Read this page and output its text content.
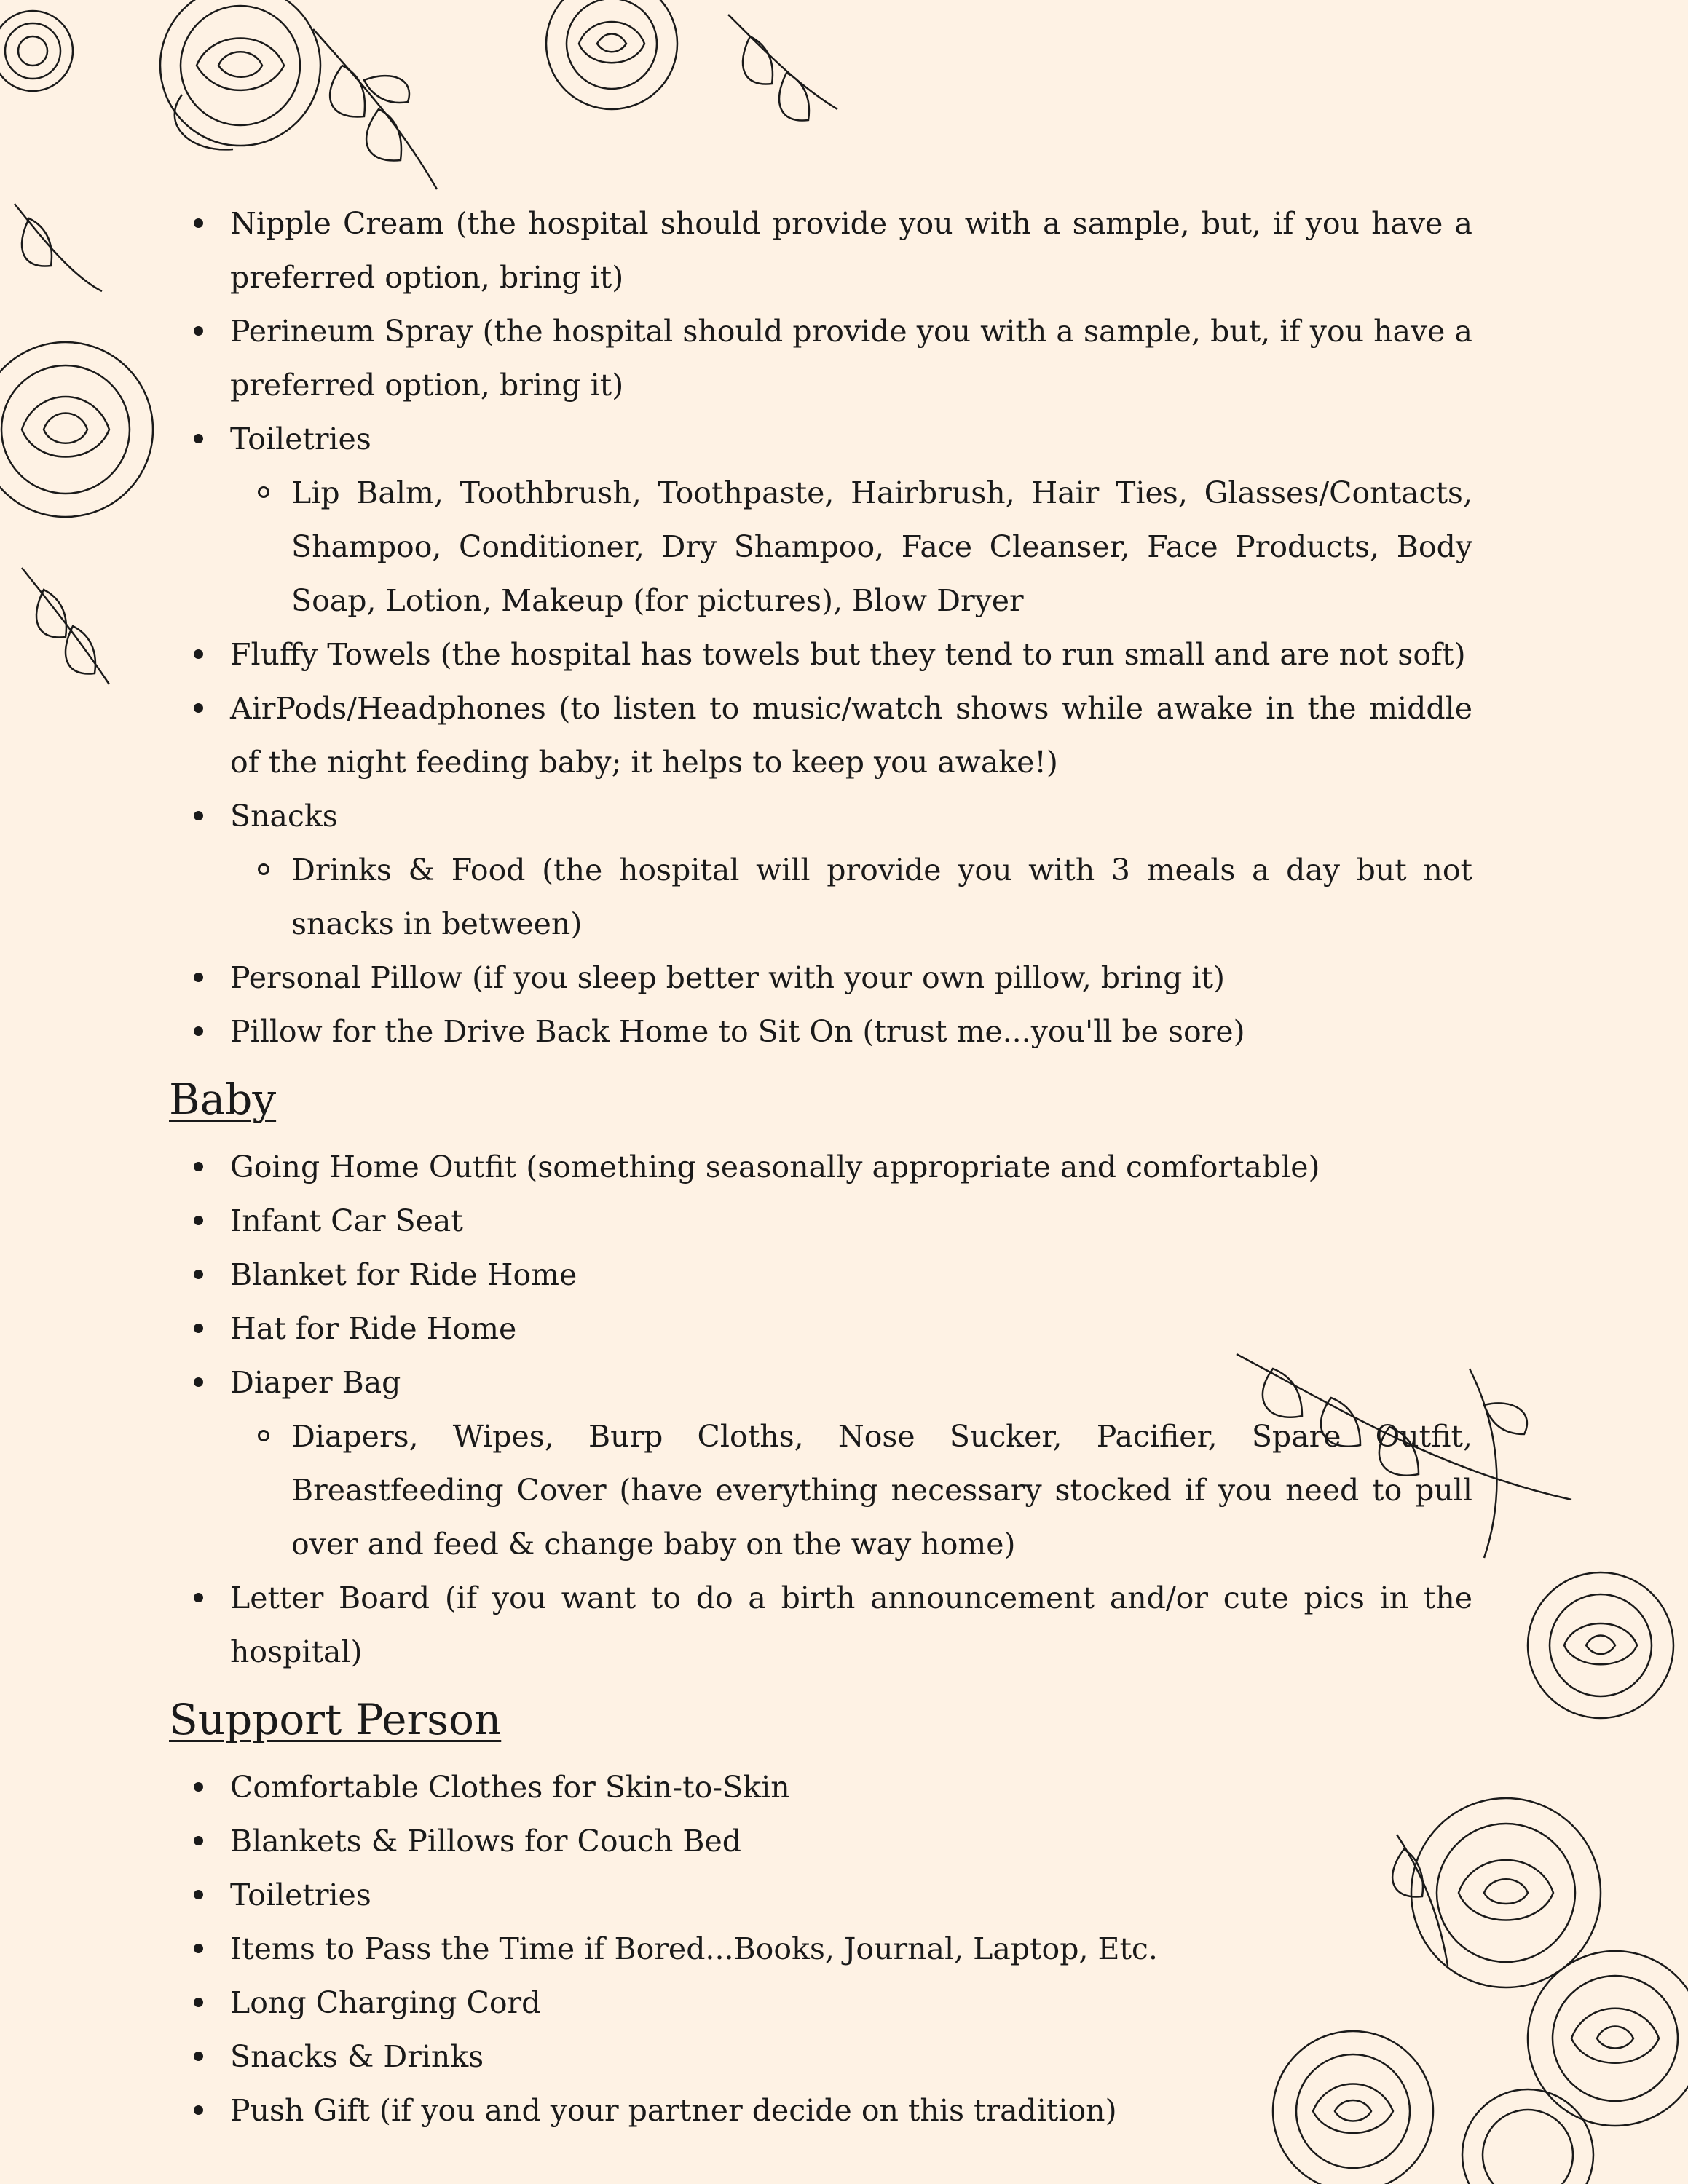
Nipple Cream (the hospital should provide you with a sample, but, if you have a preferred option, bring it)
Perineum Spray (the hospital should provide you with a sample, but, if you have a preferred option, bring it)
Toiletries
Lip Balm, Toothbrush, Toothpaste, Hairbrush, Hair Ties, Glasses/Contacts, Shampoo, Conditioner, Dry Shampoo, Face Cleanser, Face Products, Body Soap, Lotion, Makeup (for pictures), Blow Dryer
Fluffy Towels (the hospital has towels but they tend to run small and are not soft)
AirPods/Headphones (to listen to music/watch shows while awake in the middle of the night feeding baby; it helps to keep you awake!)
Snacks
Drinks & Food (the hospital will provide you with 3 meals a day but not snacks in between)
Personal Pillow (if you sleep better with your own pillow, bring it)
Pillow for the Drive Back Home to Sit On (trust me...you'll be sore)
Baby
Going Home Outfit (something seasonally appropriate and comfortable)
Infant Car Seat
Blanket for Ride Home
Hat for Ride Home
Diaper Bag
Diapers, Wipes, Burp Cloths, Nose Sucker, Pacifier, Spare Outfit, Breastfeeding Cover (have everything necessary stocked if you need to pull over and feed & change baby on the way home)
Letter Board (if you want to do a birth announcement and/or cute pics in the hospital)
Support Person
Comfortable Clothes for Skin-to-Skin
Blankets & Pillows for Couch Bed
Toiletries
Items to Pass the Time if Bored...Books, Journal, Laptop, Etc.
Long Charging Cord
Snacks & Drinks
Push Gift (if you and your partner decide on this tradition)
